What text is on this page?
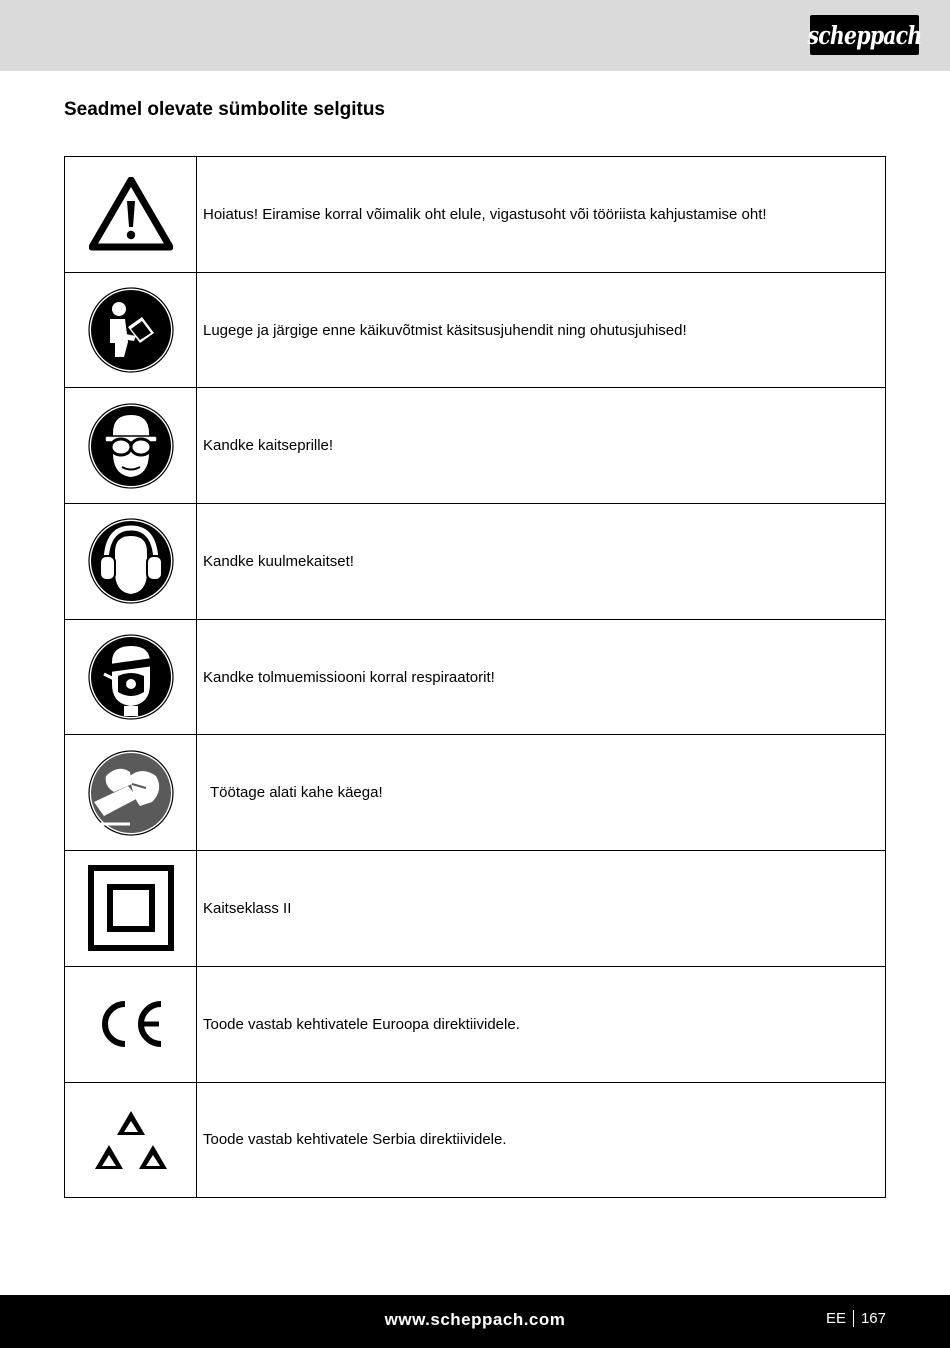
scheppach
Seadmel olevate sümbolite selgitus
	Hoiatus! Eiramise korral võimalik oht elule, vigastusoht või tööriista kahjustamise oht!

	Lugege ja järgige enne käikuvõtmist käsitsusjuhendit ning ohutusjuhised!

	Kandke kaitseprille!

	Kandke kuulmekaitset!

	Kandke tolmuemissiooni korral respiraatorit!

	Töötage alati kahe käega!

	Kaitseklass II

	Toode vastab kehtivatele Euroopa direktiividele.

	Toode vastab kehtivatele Serbia direktiividele.
www.scheppach.com	EE 167
